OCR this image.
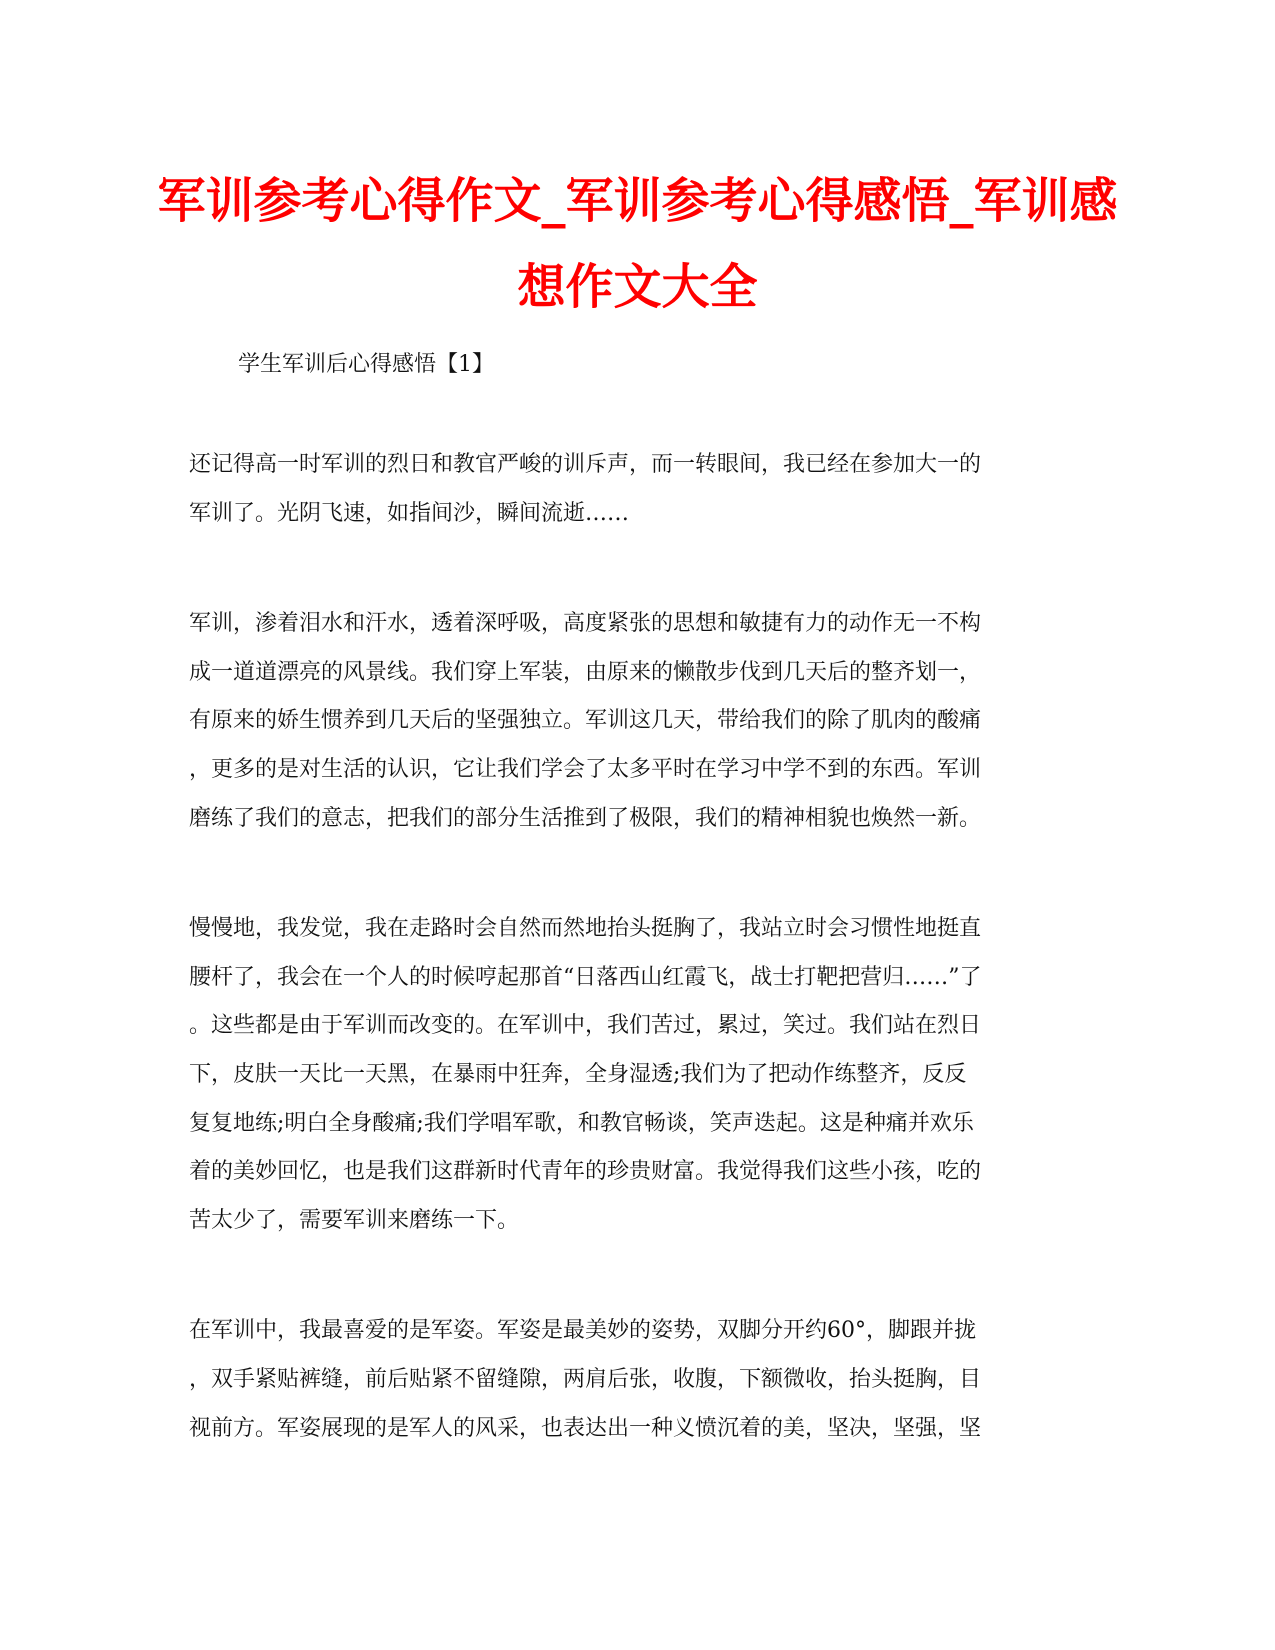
军训参考心得作文_军训参考心得感悟_军训感想作文大全

学生军训后心得感悟【1】

还记得高一时军训的烈日和教官严峻的训斥声，而一转眼间，我已经在参加大一的
军训了。光阴飞速，如指间沙，瞬间流逝……

军训，渗着泪水和汗水，透着深呼吸，高度紧张的思想和敏捷有力的动作无一不构
成一道道漂亮的风景线。我们穿上军装，由原来的懒散步伐到几天后的整齐划一，
有原来的娇生惯养到几天后的坚强独立。军训这几天，带给我们的除了肌肉的酸痛
，更多的是对生活的认识，它让我们学会了太多平时在学习中学不到的东西。军训
磨练了我们的意志，把我们的部分生活推到了极限，我们的精神相貌也焕然一新。

慢慢地，我发觉，我在走路时会自然而然地抬头挺胸了，我站立时会习惯性地挺直
腰杆了，我会在一个人的时候哼起那首“日落西山红霞飞，战士打靶把营归……”了
。这些都是由于军训而改变的。在军训中，我们苦过，累过，笑过。我们站在烈日
下，皮肤一天比一天黑，在暴雨中狂奔，全身湿透;我们为了把动作练整齐，反反
复复地练;明白全身酸痛;我们学唱军歌，和教官畅谈，笑声迭起。这是种痛并欢乐
着的美妙回忆，也是我们这群新时代青年的珍贵财富。我觉得我们这些小孩，吃的
苦太少了，需要军训来磨练一下。

在军训中，我最喜爱的是军姿。军姿是最美妙的姿势，双脚分开约60°，脚跟并拢
，双手紧贴裤缝，前后贴紧不留缝隙，两肩后张，收腹，下额微收，抬头挺胸，目
视前方。军姿展现的是军人的风采，也表达出一种义愤沉着的美，坚决，坚强，坚
